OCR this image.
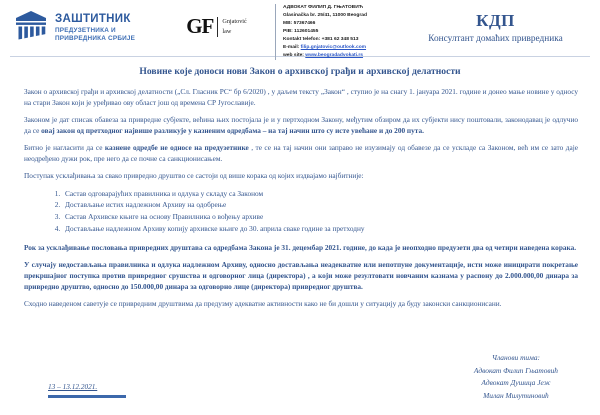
ЗАШТИТНИК
ПРЕДУЗЕТНИКА И
ПРИВРЕДНИКА СРБИЈЕ
GF Gnjatović
law
АДВОКАТ ФИЛИП Д. ГЊАТОВИЋ
Glasinačka br. 25/41, 11000 Beograd
MB: 57367466
PIB: 112601455
Kontakt telefon: +381 62 348 513
E-mail: filip.gnjatovic@outlook.com
web site: www.beogradadvokati.rs
КДП
Консултант домаћих привредника
Новине које доноси нови Закон о архивској грађи и архивској делатности

Закон о архивској грађи и архивској делатности („Сл. Гласник РС“ бр 6/2020) , у даљем тексту „Закон“ , ступио је на снагу 1. јануара 2021. године и донео мање новине у односу на стари Закон који је уређивао ову област још од времена СР Југославије.

Законом је дат списак обавеза за привредне субјекте, већина њих постојала је и у пертходном Закону, међутим обзиром да их субјекти нису поштовали, законодавац је одлучио да се овај закон од претходног највише разликује у казненим одредбама – на тај начин што су исте увећане и до 200 пута.

Битно је нагласити да се казнене одредбе не односе на предузетнике , те се на тај начин они заправо не изузимају од обавезе да се ускладе са Законом, већ им се зато даје неодређено дужи рок, пре него да се почне са санкционисањем.

Поступак усклађивања за свако привредно друштво се састоји од више корака од којих издвајамо најбитније:

1. Састав одговарајућих правилника и одлука у складу са Законом
2. Достављање истих надлежном Архиву на одобрење
3. Састав Архивске књиге на основу Правилника о вођењу архиве
4. Достављање надлежном Архиву копију архивске књиге до 30. априла сваке године за претходну

Рок за усклађивање пословања привредних друштава са одредбама Закона је 31. децембар 2021. године, до када је неопходно предузети два од четири наведена корака.

У случају недостављања правилника и одлука надлежном Архиву, односно достављања неадекватне или непотпуне документације, исти може иницирати покретање прекршајног поступка против привредног срушства и одговорног лица (директора) , а који може резултовати новчаним казнама у распону до 2.000.000,00 динара за привредно друштво, односно до 150.000,00 динара за одговорно лице (директора) привредног друштва.

Сходно наведеном саветује се привредним друштвима да предузму адекватне активности како не би дошли у ситуацију да буду законски санкционисани.

Чланови тима:
Адвокат Филип Гњатовић
Адвокат Душица Јеж
Милан Милутиновић
13 – 13.12.2021.
